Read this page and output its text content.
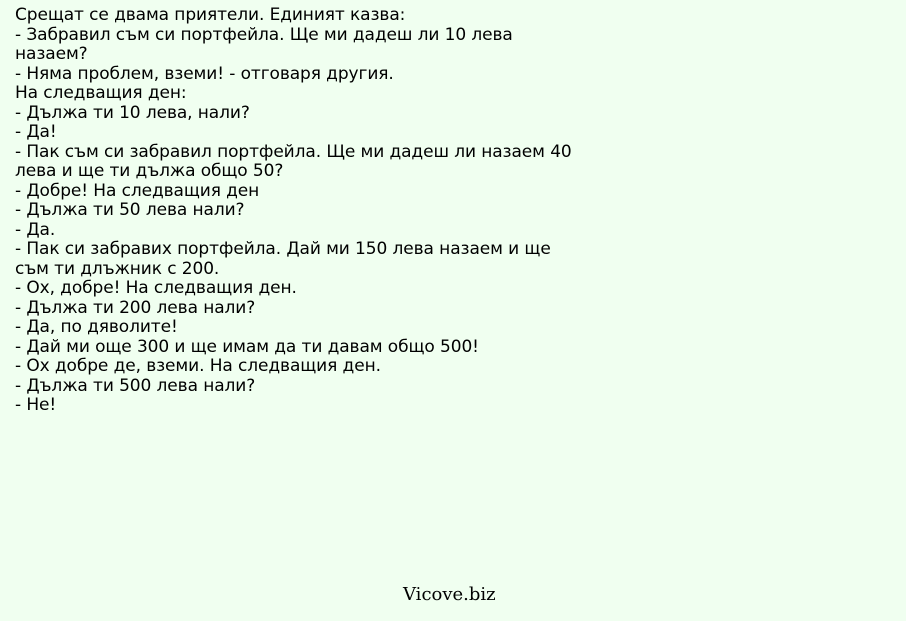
Срещат се двама приятели. Единият казва:
- Забравил съм си портфейла. Ще ми дадеш ли 10 лева назаем?
- Няма проблем, вземи! - отговаря другия.
На следващия ден:
- Дължа ти 10 лева, нали?
- Да!
- Пак съм си забравил портфейла. Ще ми дадеш ли назаем 40 лева и ще ти дължа общо 50?
- Добре! На следващия ден
- Дължа ти 50 лева нали?
- Да.
- Пак си забравих портфейла. Дай ми 150 лева назаем и ще съм ти длъжник с 200.
- Ох, добре! На следващия ден.
- Дължа ти 200 лева нали?
- Да, по дяволите!
- Дай ми още 300 и ще имам да ти давам общо 500!
- Ох добре де, вземи. На следващия ден.
- Дължа ти 500 лева нали?
- Не!
Vicove.biz
